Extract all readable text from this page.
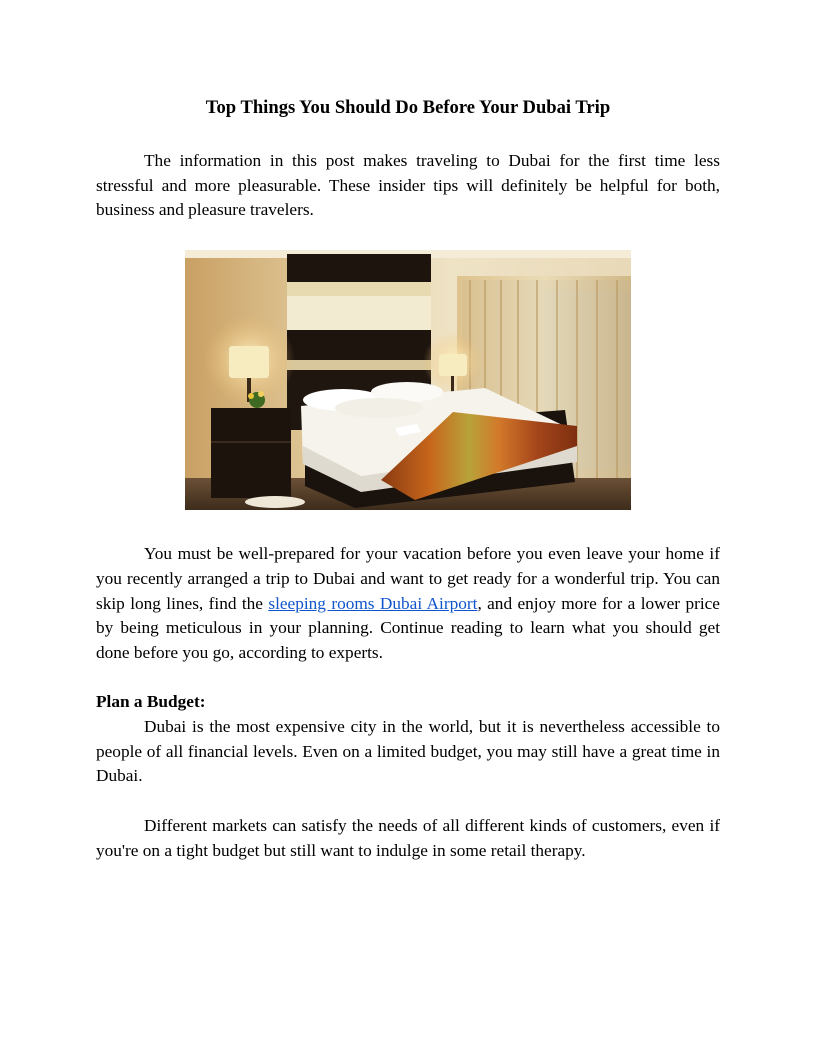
Top Things You Should Do Before Your Dubai Trip

The information in this post makes traveling to Dubai for the first time less stressful and more pleasurable. These insider tips will definitely be helpful for both, business and pleasure travelers.

You must be well-prepared for your vacation before you even leave your home if you recently arranged a trip to Dubai and want to get ready for a wonderful trip. You can skip long lines, find the sleeping rooms Dubai Airport, and enjoy more for a lower price by being meticulous in your planning. Continue reading to learn what you should get done before you go, according to experts.

Plan a Budget:

Dubai is the most expensive city in the world, but it is nevertheless accessible to people of all financial levels. Even on a limited budget, you may still have a great time in Dubai.

Different markets can satisfy the needs of all different kinds of customers, even if you're on a tight budget but still want to indulge in some retail therapy.
